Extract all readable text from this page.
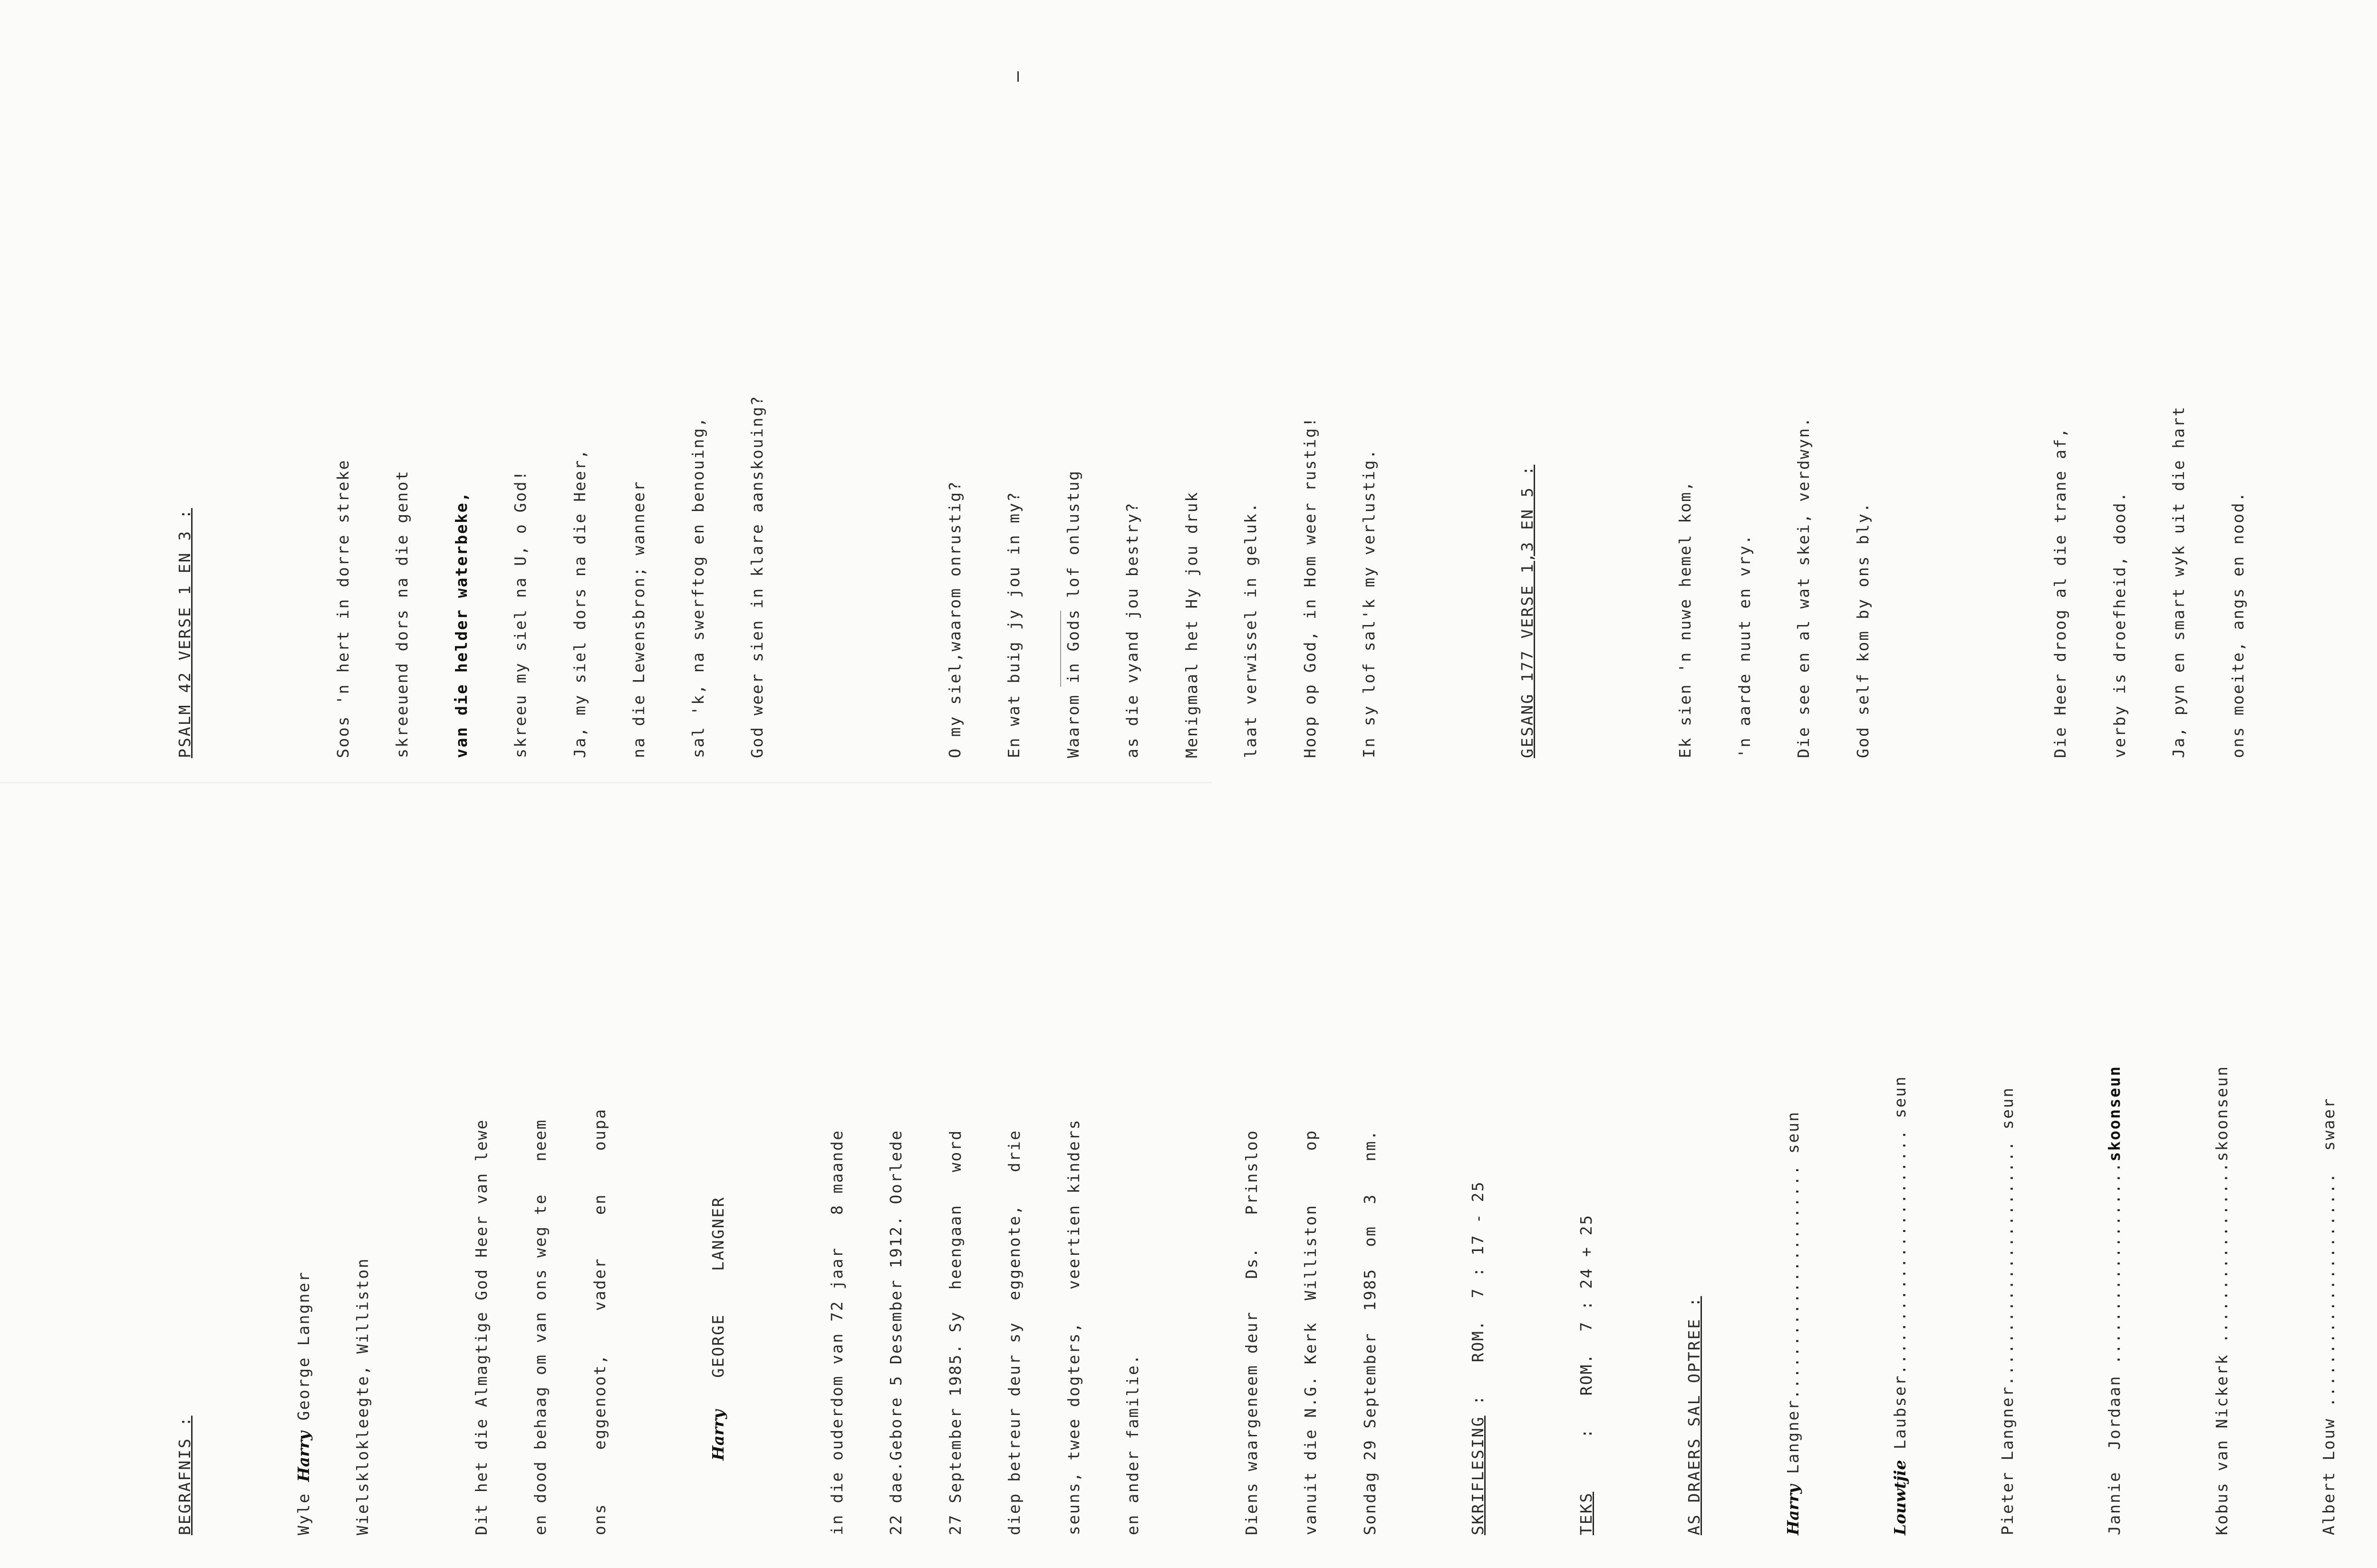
BEGRAFNIS :

	Wyle Harry George Langner

	Wielsklokleegte, Williston

	Dit het die Almagtige God Heer van lewe

	en dood behaag om van ons weg te   neem

	ons     eggenoot,    vader    en    oupa

	Harry   GEORGE    LANGNER

	in die ouderdom van 72 jaar   8 maande

	22 dae.Gebore 5 Desember 1912. Oorlede

	27 September 1985. Sy  heengaan   word

	diep betreur deur sy  eggenote,   drie

	seuns, twee dogters,   veertien kinders

	en ander familie.

	Diens waargeneem deur   Ds.   Prinsloo

	vanuit die N.G. Kerk  Williston     op

	Sondag 29 September  1985  om  3   nm.

	SKRIFLESING :   ROM.  7 : 17 - 25

TEKS     :   ROM.  7 : 24 + 25

	AS DRAERS SAL OPTREE :

	Harry Langner...................... seun

Louwtjie Laubser....................... seun

Pieter Langner....................... seun

Jannie  Jordaan ...................skoonseun

Kobus van Nickerk .................skoonseun

Albert Louw ......................  swaer

PSALM 42 VERSE 1 EN 3 :

	Soos 'n hert in dorre streke

	skreeuend dors na die genot

	van die helder waterbeke,

	skreeu my siel na U, o God!

	Ja, my siel dors na die Heer,

	na die Lewensbron; wanneer

	sal 'k, na swerftog en benouing,

	God weer sien in klare aanskouing?

	O my siel,waarom onrustig?

	En wat buig jy jou in my?

	Waarom in Gods lof onlustug

	as die vyand jou bestry?

	Menigmaal het Hy jou druk

	laat verwissel in geluk.

	Hoop op God, in Hom weer rustig!

	In sy lof sal'k my verlustig.

	GESANG 177 VERSE 1,3 EN 5 :

	Ek sien 'n nuwe hemel kom,

	'n aarde nuut en vry.

	Die see en al wat skei, verdwyn.

	God self kom by ons bly.

	Die Heer droog al die trane af,

	verby is droefheid, dood.

	Ja, pyn en smart wyk uit die hart

	ons moeite, angs en nood.
